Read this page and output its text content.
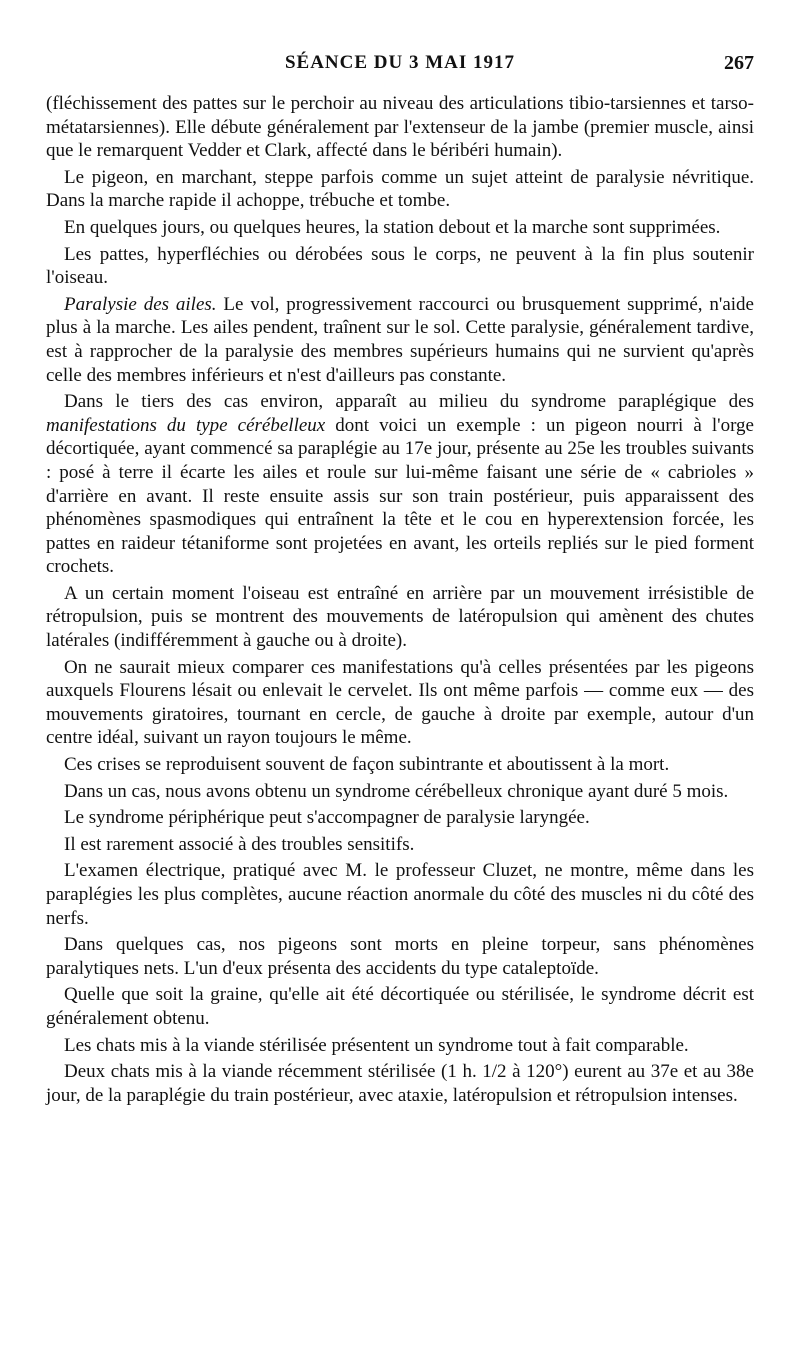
SÉANCE DU 3 MAI 1917	267

(fléchissement des pattes sur le perchoir au niveau des articulations tibio-tarsiennes et tarso-métatarsiennes). Elle débute généralement par l'extenseur de la jambe (premier muscle, ainsi que le remarquent Vedder et Clark, affecté dans le béribéri humain).

Le pigeon, en marchant, steppe parfois comme un sujet atteint de paralysie névritique. Dans la marche rapide il achoppe, trébuche et tombe.

En quelques jours, ou quelques heures, la station debout et la marche sont supprimées.

Les pattes, hyperfléchies ou dérobées sous le corps, ne peuvent à la fin plus soutenir l'oiseau.

Paralysie des ailes. Le vol, progressivement raccourci ou brusquement supprimé, n'aide plus à la marche. Les ailes pendent, traînent sur le sol. Cette paralysie, généralement tardive, est à rapprocher de la paralysie des membres supérieurs humains qui ne survient qu'après celle des membres inférieurs et n'est d'ailleurs pas constante.

Dans le tiers des cas environ, apparaît au milieu du syndrome paraplégique des manifestations du type cérébelleux dont voici un exemple : un pigeon nourri à l'orge décortiquée, ayant commencé sa paraplégie au 17e jour, présente au 25e les troubles suivants : posé à terre il écarte les ailes et roule sur lui-même faisant une série de « cabrioles » d'arrière en avant. Il reste ensuite assis sur son train postérieur, puis apparaissent des phénomènes spasmodiques qui entraînent la tête et le cou en hyperextension forcée, les pattes en raideur tétaniforme sont projetées en avant, les orteils repliés sur le pied forment crochets.

A un certain moment l'oiseau est entraîné en arrière par un mouvement irrésistible de rétropulsion, puis se montrent des mouvements de latéropulsion qui amènent des chutes latérales (indifféremment à gauche ou à droite).

On ne saurait mieux comparer ces manifestations qu'à celles présentées par les pigeons auxquels Flourens lésait ou enlevait le cervelet. Ils ont même parfois — comme eux — des mouvements giratoires, tournant en cercle, de gauche à droite par exemple, autour d'un centre idéal, suivant un rayon toujours le même.

Ces crises se reproduisent souvent de façon subintrante et aboutissent à la mort.

Dans un cas, nous avons obtenu un syndrome cérébelleux chronique ayant duré 5 mois.

Le syndrome périphérique peut s'accompagner de paralysie laryngée.

Il est rarement associé à des troubles sensitifs.

L'examen électrique, pratiqué avec M. le professeur Cluzet, ne montre, même dans les paraplégies les plus complètes, aucune réaction anormale du côté des muscles ni du côté des nerfs.

Dans quelques cas, nos pigeons sont morts en pleine torpeur, sans phénomènes paralytiques nets. L'un d'eux présenta des accidents du type cataleptoïde.

Quelle que soit la graine, qu'elle ait été décortiquée ou stérilisée, le syndrome décrit est généralement obtenu.

Les chats mis à la viande stérilisée présentent un syndrome tout à fait comparable.

Deux chats mis à la viande récemment stérilisée (1 h. 1/2 à 120°) eurent au 37e et au 38e jour, de la paraplégie du train postérieur, avec ataxie, latéropulsion et rétropulsion intenses.
